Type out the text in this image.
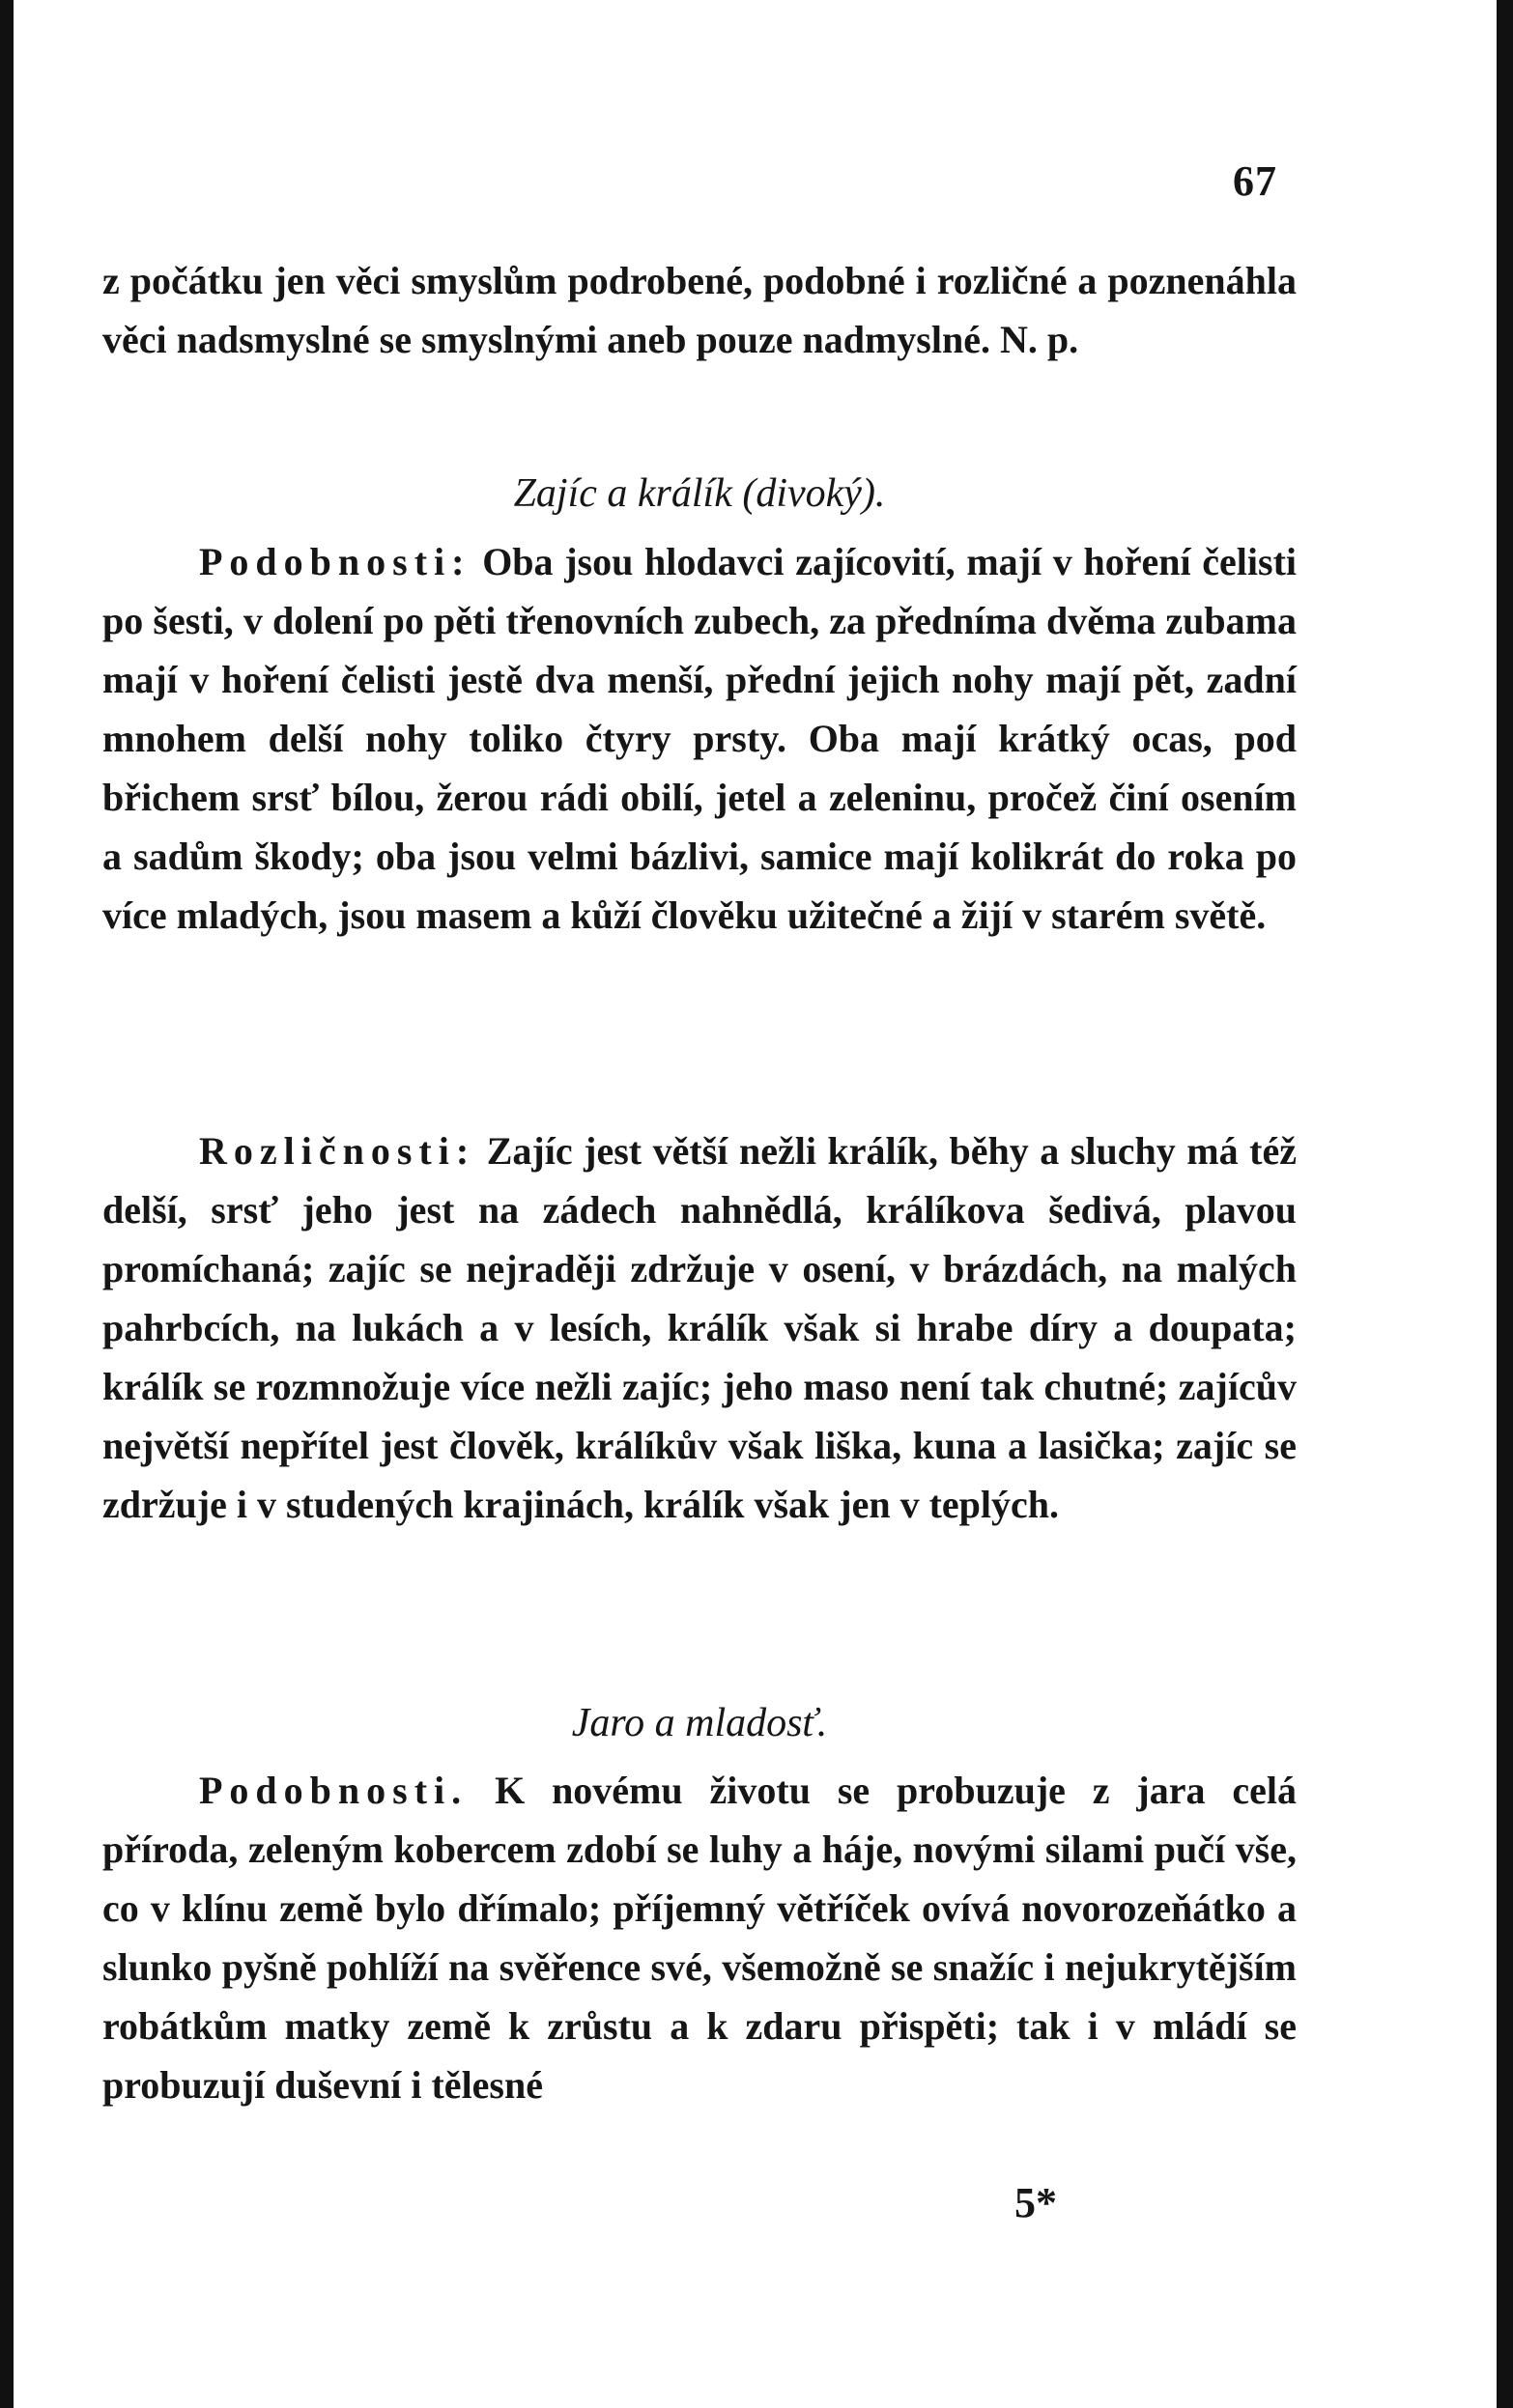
67

z počátku jen věci smyslům podrobené, podobné i rozličné a poznenáhla věci nadsmyslné se smyslnými aneb pouze nadmyslné. N. p.

Zajíc a králík (divoký).

Podobnosti: Oba jsou hlodavci zajícovití, mají v hoření čelisti po šesti, v dolení po pěti třenovních zubech, za předníma dvěma zubama mají v hoření čelisti jestě dva menší, přední jejich nohy mají pět, zadní mnohem delší nohy toliko čtyry prsty. Oba mají krátký ocas, pod břichem srsť bílou, žerou rádi obilí, jetel a zeleninu, pročež činí osením a sadům škody; oba jsou velmi bázlivi, samice mají kolikrát do roka po více mladých, jsou masem a kůží člověku užitečné a žijí v starém světě.

Rozličnosti: Zajíc jest větší nežli králík, běhy a sluchy má též delší, srsť jeho jest na zádech nahnědlá, králíkova šedivá, plavou promíchaná; zajíc se nejraději zdržuje v osení, v brázdách, na malých pahrbcích, na lukách a v lesích, králík však si hrabe díry a doupata; králík se rozmnožuje více nežli zajíc; jeho maso není tak chutné; zajícův největší nepřítel jest člověk, králíkův však liška, kuna a lasička; zajíc se zdržuje i v studených krajinách, králík však jen v teplých.

Jaro a mladosť.

Podobnosti. K novému životu se probuzuje z jara celá příroda, zeleným kobercem zdobí se luhy a háje, novými silami pučí vše, co v klínu země bylo dřímalo; příjemný větříček ovívá novorozeňátko a slunko pyšně pohlíží na svěřence své, všemožně se snažíc i nejukrytějším robátkům matky země k zrůstu a k zdaru přispěti; tak i v mládí se probuzují duševní i tělesné

5*
